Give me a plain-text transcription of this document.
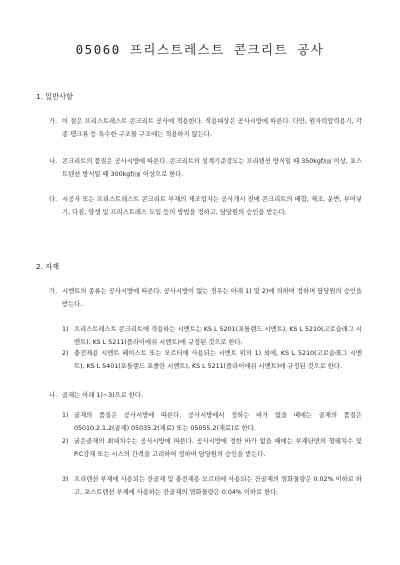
05060 프리스트레스트 콘크리트 공사
1. 일반사항
가. 이 절은 프리스트레스트 콘크리트 공사에 적용한다. 적용대상은 공사시방에 따른다. 다만, 원자력압력용기, 각종 탱크류 등 특수한 구조물 구조에는 적용하지 않는다.

나. 콘크리트의 품질은 공사시방에 따른다. 콘크리트의 설계기준강도는 프리텐션 방식일 때 350kgf/㎠ 이상, 포스트텐션 방식일 때 300kgf/㎠ 이상으로 한다.

다. 시공자 또는 프리스트레스트 콘크리트 부재의 제조업자는 공사개시 전에 콘크리트의 배합, 제조, 운반, 부어넣기, 다짐, 양생 및 프리스트레스 도입 등의 방법을 정하고, 담당원의 승인을 받는다.

2. 자재
가. 시멘트의 종류는 공사시방에 따른다. 공사시방이 없는 경우는 아래 1) 및 2)에 의하며 정하며 담당원의 승인을 받는다.

1) 프리스트레스트 콘크리트에 적용하는 시멘트는 KS L 5201(포틀랜드 시멘트), KS L 5210(고로슬래그 시멘트), KS L 5211(플라이애쉬 시멘트)에 규정된 것으로 한다.

2) 충전재용 시멘트 페이스트 또는 모르터에 사용되는 시멘트 위의 1) 외에, KS L 5210(고로슬래그 시멘트), KS L 5401(포틀랜드 포졸란 시멘트), KS L 5211(플라이애쉬 시멘트)에 규정된 것으로 한다.

나. 골재는 아래 1)~3)으로 한다.

1) 골재의 품질은 공사시방에 따른다. 공사시방에서 정하는 바가 없을 때에는 골재의 품질은 05010.2.1.2(골재) 05035.2(재료) 또는 05055.2(재료)로 한다.

2) 굵은골재의 최대치수는 공사시방에 따른다. 공사시방에 정한 바가 없을 때에는 부재단면의 형태치수 및 P.C강재 또는 시스의 간격을 고려하여 정하며 담당원의 승인을 받는다.

3) 프리텐션 부재에 사용되는 잔골재 및 충전재용 모르터에 사용되는 잔골재의 염화물량은 0.02% 이하로 하고, 포스트텐션 부재에 사용하는 잔골재의 염화물량은 0.04% 이하로 한다.
